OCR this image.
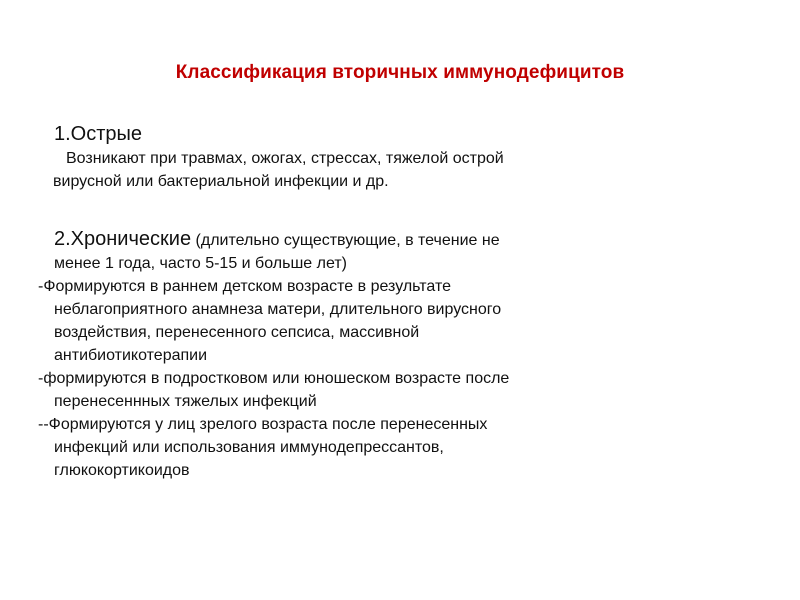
Классификация вторичных иммунодефицитов
1.Острые
Возникают при травмах, ожогах, стрессах, тяжелой острой
вирусной или бактериальной инфекции и др.
2.Хронические (длительно существующие, в течение не
менее 1 года, часто 5-15 и больше лет)
-Формируются в раннем детском возрасте в результате
неблагоприятного анамнеза матери, длительного вирусного
воздействия, перенесенного сепсиса, массивной
антибиотикотерапии
-формируются в подростковом или юношеском возрасте после
перенесеннных тяжелых инфекций
--Формируются у лиц зрелого возраста после перенесенных
инфекций или использования иммунодепрессантов,
глюкокортикоидов
